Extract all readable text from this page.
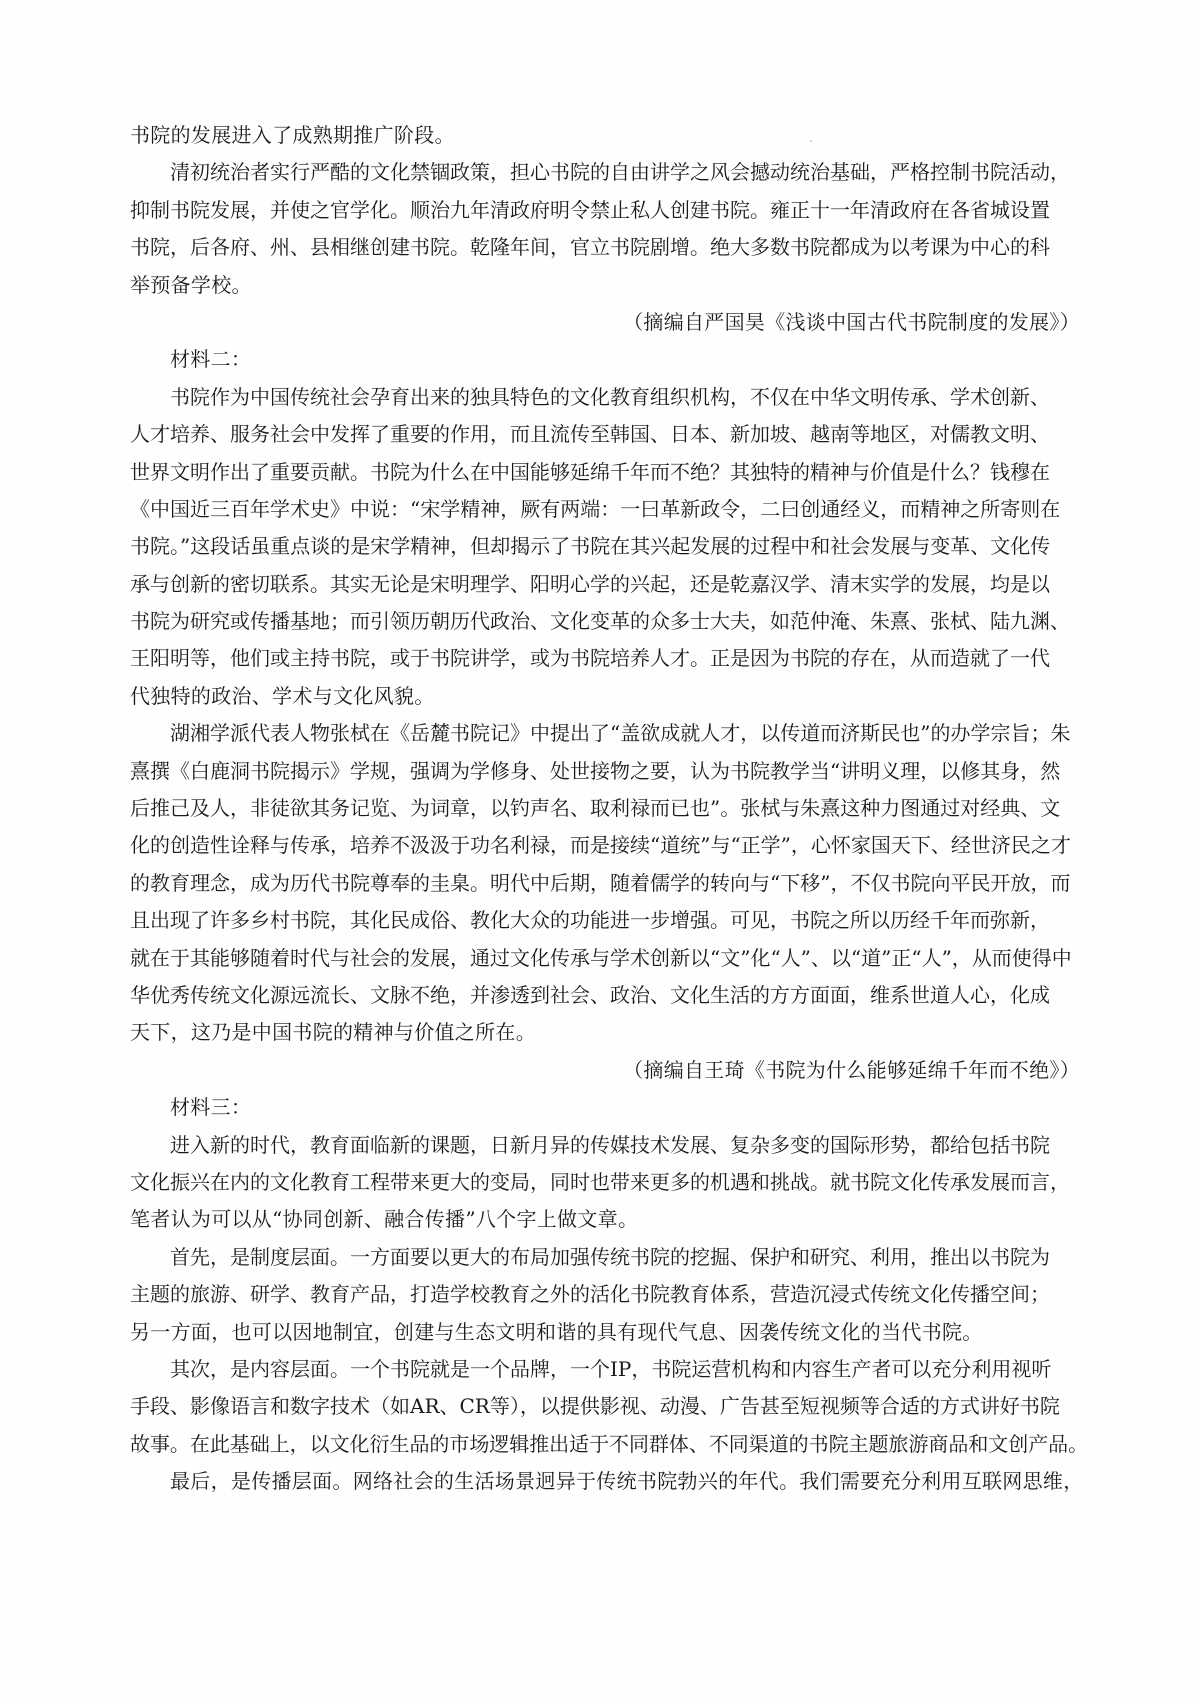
书院的发展进入了成熟期推广阶段。
清初统治者实行严酷的文化禁锢政策，担心书院的自由讲学之风会撼动统治基础，严格控制书院活动，
抑制书院发展，并使之官学化。顺治九年清政府明令禁止私人创建书院。雍正十一年清政府在各省城设置
书院，后各府、州、县相继创建书院。乾隆年间，官立书院剧增。绝大多数书院都成为以考课为中心的科
举预备学校。
（摘编自严国昊《浅谈中国古代书院制度的发展》）
材料二：
书院作为中国传统社会孕育出来的独具特色的文化教育组织机构，不仅在中华文明传承、学术创新、
人才培养、服务社会中发挥了重要的作用，而且流传至韩国、日本、新加坡、越南等地区，对儒教文明、
世界文明作出了重要贡献。书院为什么在中国能够延绵千年而不绝？其独特的精神与价值是什么？钱穆在
《中国近三百年学术史》中说：“宋学精神，厥有两端：一曰革新政令，二曰创通经义，而精神之所寄则在
书院。”这段话虽重点谈的是宋学精神，但却揭示了书院在其兴起发展的过程中和社会发展与变革、文化传
承与创新的密切联系。其实无论是宋明理学、阳明心学的兴起，还是乾嘉汉学、清末实学的发展，均是以
书院为研究或传播基地；而引领历朝历代政治、文化变革的众多士大夫，如范仲淹、朱熹、张栻、陆九渊、
王阳明等，他们或主持书院，或于书院讲学，或为书院培养人才。正是因为书院的存在，从而造就了一代
代独特的政治、学术与文化风貌。
湖湘学派代表人物张栻在《岳麓书院记》中提出了“盖欲成就人才，以传道而济斯民也”的办学宗旨；朱
熹撰《白鹿洞书院揭示》学规，强调为学修身、处世接物之要，认为书院教学当“讲明义理，以修其身，然
后推己及人，非徒欲其务记览、为词章，以钓声名、取利禄而已也”。张栻与朱熹这种力图通过对经典、文
化的创造性诠释与传承，培养不汲汲于功名利禄，而是接续“道统”与“正学”，心怀家国天下、经世济民之才
的教育理念，成为历代书院尊奉的圭臬。明代中后期，随着儒学的转向与“下移”，不仅书院向平民开放，而
且出现了许多乡村书院，其化民成俗、教化大众的功能进一步增强。可见，书院之所以历经千年而弥新，
就在于其能够随着时代与社会的发展，通过文化传承与学术创新以“文”化“人”、以“道”正“人”，从而使得中
华优秀传统文化源远流长、文脉不绝，并渗透到社会、政治、文化生活的方方面面，维系世道人心，化成
天下，这乃是中国书院的精神与价值之所在。
（摘编自王琦《书院为什么能够延绵千年而不绝》）
材料三：
进入新的时代，教育面临新的课题，日新月异的传媒技术发展、复杂多变的国际形势，都给包括书院
文化振兴在内的文化教育工程带来更大的变局，同时也带来更多的机遇和挑战。就书院文化传承发展而言，
笔者认为可以从“协同创新、融合传播”八个字上做文章。
首先，是制度层面。一方面要以更大的布局加强传统书院的挖掘、保护和研究、利用，推出以书院为
主题的旅游、研学、教育产品，打造学校教育之外的活化书院教育体系，营造沉浸式传统文化传播空间；
另一方面，也可以因地制宜，创建与生态文明和谐的具有现代气息、因袭传统文化的当代书院。
其次，是内容层面。一个书院就是一个品牌，一个IP，书院运营机构和内容生产者可以充分利用视听
手段、影像语言和数字技术（如AR、CR等），以提供影视、动漫、广告甚至短视频等合适的方式讲好书院
故事。在此基础上，以文化衍生品的市场逻辑推出适于不同群体、不同渠道的书院主题旅游商品和文创产品。
最后，是传播层面。网络社会的生活场景迥异于传统书院勃兴的年代。我们需要充分利用互联网思维，
